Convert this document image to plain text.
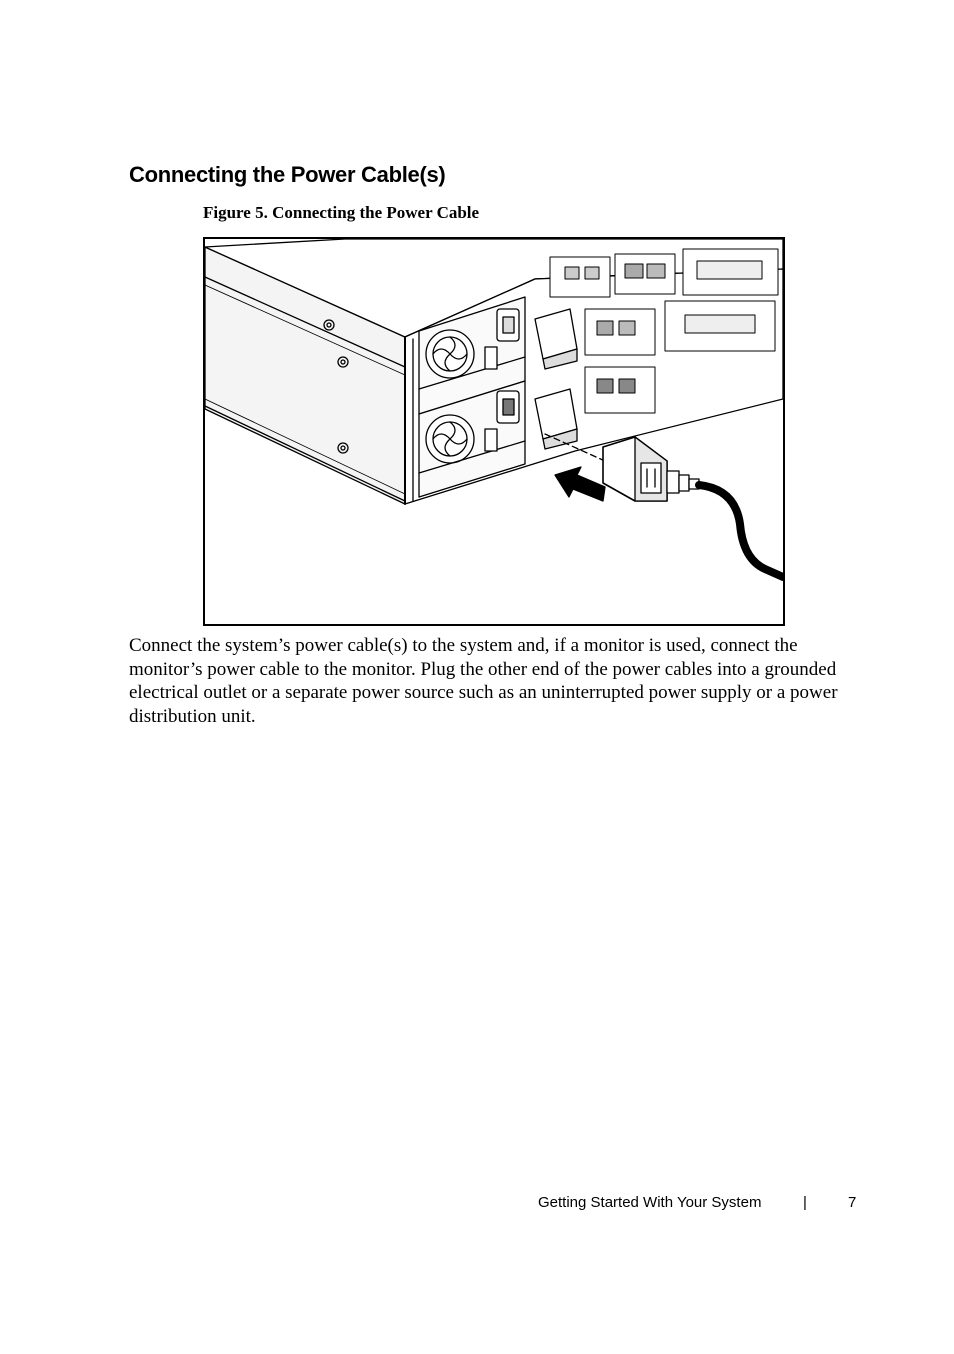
Connecting the Power Cable(s)

Figure 5. Connecting the Power Cable

Connect the system’s power cable(s) to the system and, if a monitor is used, connect the monitor’s power cable to the monitor. Plug the other end of the power cables into a grounded electrical outlet or a separate power source such as an uninterrupted power supply or a power distribution unit.

Getting Started With Your System	|	7
